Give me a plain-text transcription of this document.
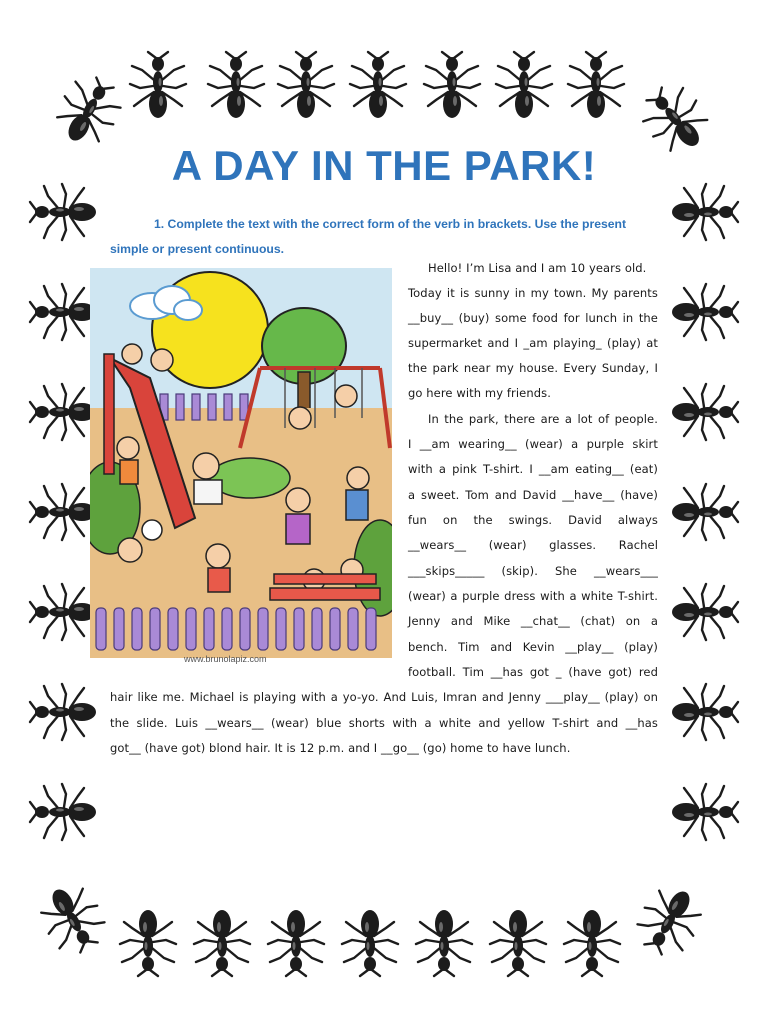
A DAY IN THE PARK!
1. Complete the text with the correct form of the verb in brackets. Use the present simple or present continuous.
www.brunolapiz.com
Hello! I’m Lisa and I am 10 years old.
Today it is sunny in my town. My parents
__buy__ (buy) some food for lunch in the
supermarket and I _am playing_ (play) at
the park near my house. Every Sunday, I
go here with my friends.
In the park, there are a lot of people.
I __am wearing__ (wear) a purple skirt
with a pink T-shirt. I __am eating__ (eat)
a sweet. Tom and David __have__ (have)
fun on the swings. David always
__wears__ (wear) glasses. Rachel
___skips_____ (skip). She __wears___
(wear) a purple dress with a white T-shirt.
Jenny and Mike __chat__ (chat) on a
bench. Tim and Kevin __play__ (play)
football. Tim __has got _ (have got) red
hair like me. Michael is playing with a yo-yo. And Luis, Imran and Jenny ___play__ (play) on
the slide. Luis __wears__ (wear) blue shorts with a white and yellow T-shirt and __has
got__ (have got) blond hair. It is 12 p.m. and I __go__ (go) home to have lunch.
